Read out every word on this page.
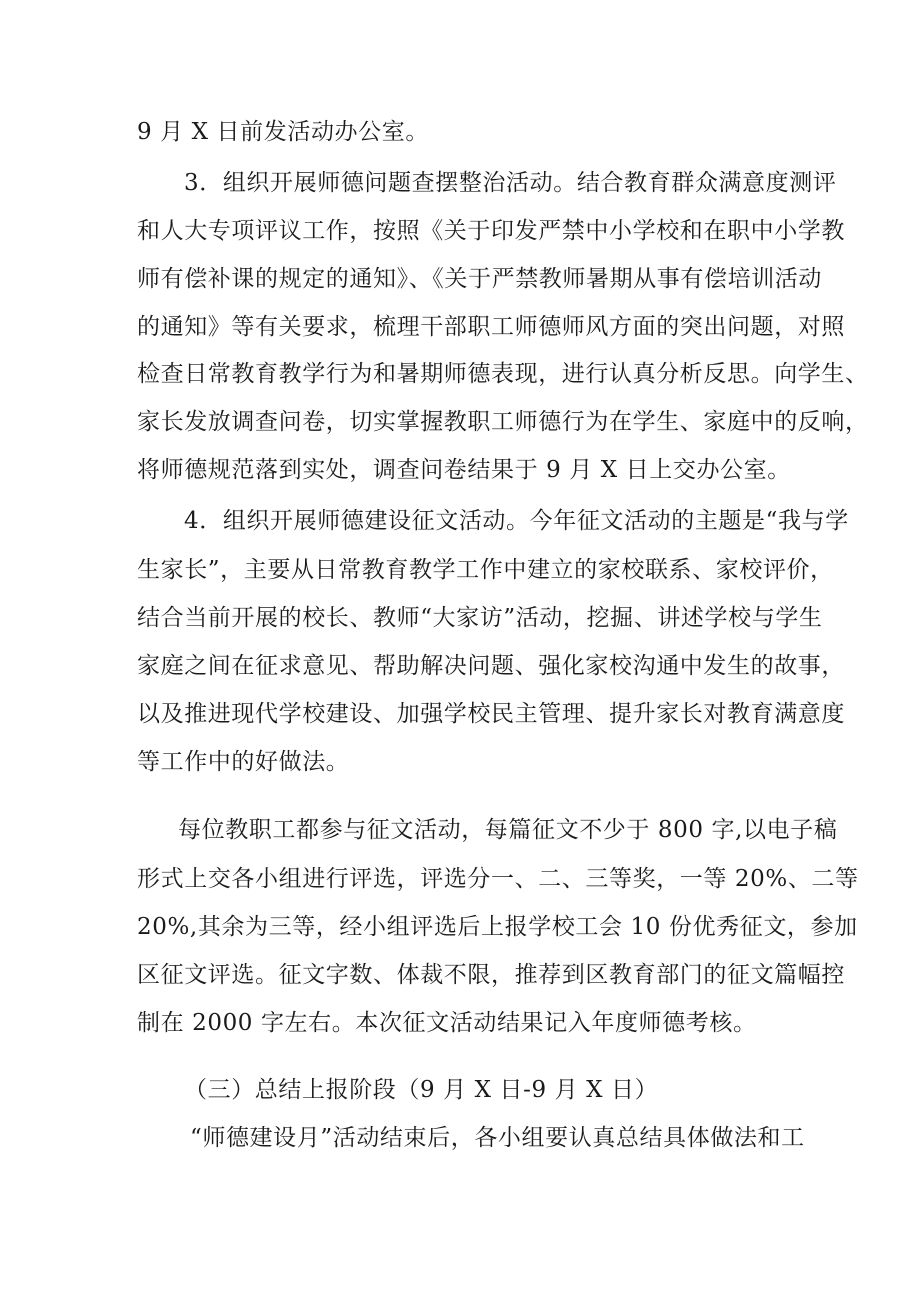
9 月 X 日前发活动办公室。
3．组织开展师德问题查摆整治活动。结合教育群众满意度测评
和人大专项评议工作，按照《关于印发严禁中小学校和在职中小学教
师有偿补课的规定的通知》、《关于严禁教师暑期从事有偿培训活动
的通知》等有关要求，梳理干部职工师德师风方面的突出问题，对照
检查日常教育教学行为和暑期师德表现，进行认真分析反思。向学生、
家长发放调查问卷，切实掌握教职工师德行为在学生、家庭中的反响，
将师德规范落到实处，调查问卷结果于 9 月 X 日上交办公室。
4．组织开展师德建设征文活动。今年征文活动的主题是“我与学
生家长”，主要从日常教育教学工作中建立的家校联系、家校评价，
结合当前开展的校长、教师“大家访”活动，挖掘、讲述学校与学生
家庭之间在征求意见、帮助解决问题、强化家校沟通中发生的故事，
以及推进现代学校建设、加强学校民主管理、提升家长对教育满意度
等工作中的好做法。
每位教职工都参与征文活动，每篇征文不少于 800 字,以电子稿
形式上交各小组进行评选，评选分一、二、三等奖，一等 20%、二等
20%,其余为三等，经小组评选后上报学校工会 10 份优秀征文，参加
区征文评选。征文字数、体裁不限，推荐到区教育部门的征文篇幅控
制在 2000 字左右。本次征文活动结果记入年度师德考核。
（三）总结上报阶段（9 月 X 日-9 月 X 日）
“师德建设月”活动结束后，各小组要认真总结具体做法和工
